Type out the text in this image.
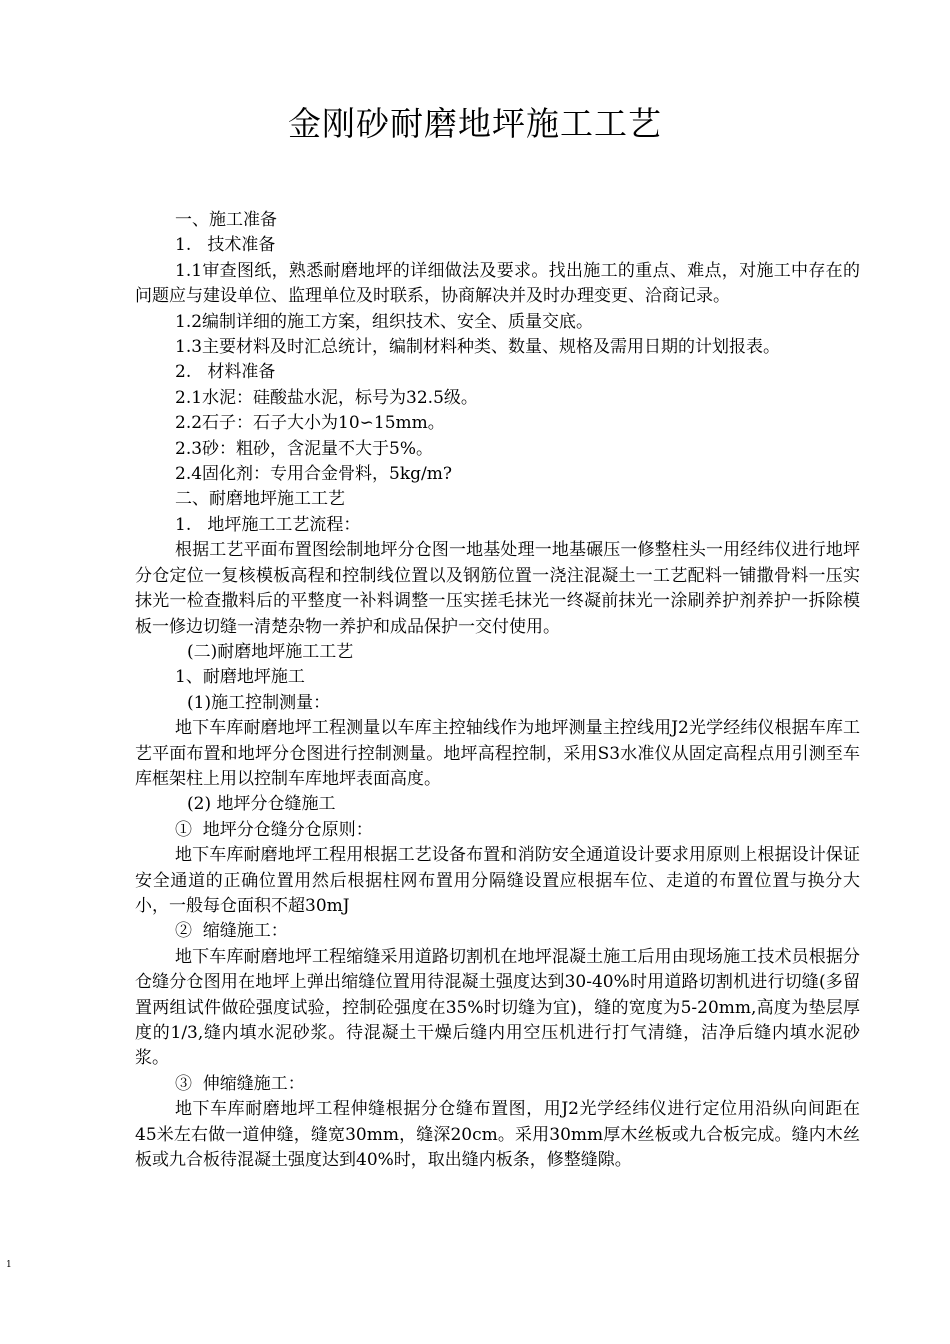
金刚砂耐磨地坪施工工艺

一、施工准备

1.   技术准备

1.1审查图纸，熟悉耐磨地坪的详细做法及要求。找出施工的重点、难点，对施工中存在的问题应与建设单位、监理单位及时联系，协商解决并及时办理变更、洽商记录。

1.2编制详细的施工方案，组织技术、安全、质量交底。

1.3主要材料及时汇总统计，编制材料种类、数量、规格及需用日期的计划报表。

2.   材料准备

2.1水泥：硅酸盐水泥，标号为32.5级。

2.2石子：石子大小为10∽15mm。

2.3砂：粗砂，含泥量不大于5%。

2.4固化剂：专用合金骨料，5kg/m?

二、耐磨地坪施工工艺

1.   地坪施工工艺流程：

根据工艺平面布置图绘制地坪分仓图一地基处理一地基碾压一修整柱头一用经纬仪进行地坪分仓定位一复核模板高程和控制线位置以及钢筋位置一浇注混凝土一工艺配料一铺撒骨料一压实抹光一检查撒料后的平整度一补料调整一压实搓毛抹光一终凝前抹光一涂刷养护剂养护一拆除模板一修边切缝一清楚杂物一养护和成品保护一交付使用。

(二)耐磨地坪施工工艺

1、耐磨地坪施工

(1)施工控制测量：

地下车库耐磨地坪工程测量以车库主控轴线作为地坪测量主控线用J2光学经纬仪根据车库工艺平面布置和地坪分仓图进行控制测量。地坪高程控制，采用S3水准仪从固定高程点用引测至车库框架柱上用以控制车库地坪表面高度。

(2) 地坪分仓缝施工

①  地坪分仓缝分仓原则：

地下车库耐磨地坪工程用根据工艺设备布置和消防安全通道设计要求用原则上根据设计保证安全通道的正确位置用然后根据柱网布置用分隔缝设置应根据车位、走道的布置位置与换分大小，一般每仓面积不超30mJ

②  缩缝施工：

地下车库耐磨地坪工程缩缝采用道路切割机在地坪混凝土施工后用由现场施工技术员根据分仓缝分仓图用在地坪上弹出缩缝位置用待混凝土强度达到30-40%时用道路切割机进行切缝(多留置两组试件做砼强度试验，控制砼强度在35%时切缝为宜)，缝的宽度为5-20mm,高度为垫层厚度的1/3,缝内填水泥砂浆。待混凝土干燥后缝内用空压机进行打气清缝，洁净后缝内填水泥砂浆。

③  伸缩缝施工：

地下车库耐磨地坪工程伸缝根据分仓缝布置图，用J2光学经纬仪进行定位用沿纵向间距在45米左右做一道伸缝，缝宽30mm，缝深20cm。采用30mm厚木丝板或九合板完成。缝内木丝板或九合板待混凝土强度达到40%时，取出缝内板条，修整缝隙。

1
